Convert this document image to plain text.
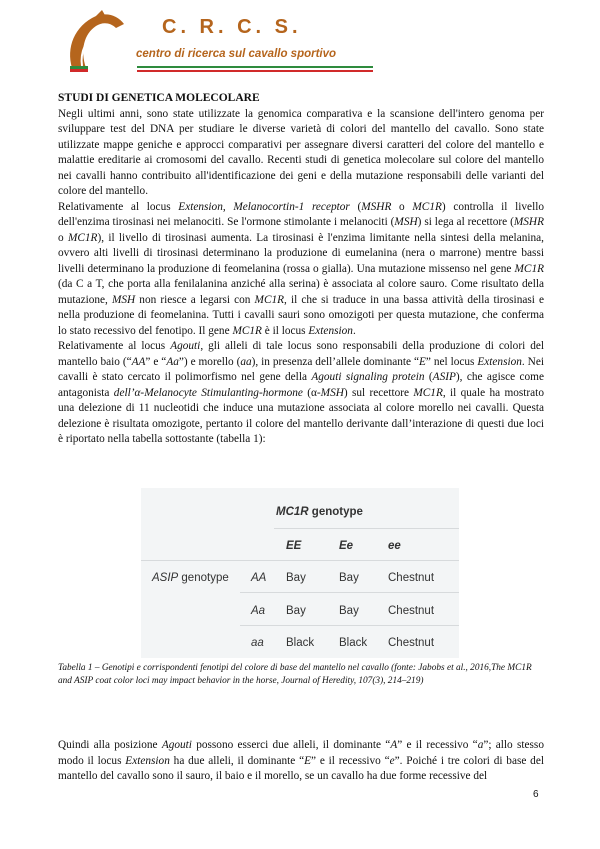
C. R. C. S.
centro di ricerca sul cavallo sportivo

STUDI DI GENETICA MOLECOLARE

Negli ultimi anni, sono state utilizzate la genomica comparativa e la scansione dell'intero genoma per sviluppare test del DNA per studiare le diverse varietà di colori del mantello del cavallo. Sono state utilizzate mappe geniche e approcci comparativi per assegnare diversi caratteri del colore del mantello e malattie ereditarie ai cromosomi del cavallo. Recenti studi di genetica molecolare sul colore del mantello nei cavalli hanno contribuito all'identificazione dei geni e della mutazione responsabili delle varianti del colore del mantello.

Relativamente al locus Extension, Melanocortin-1 receptor (MSHR o MC1R) controlla il livello dell'enzima tirosinasi nei melanociti. Se l'ormone stimolante i melanociti (MSH) si lega al recettore (MSHR o MC1R), il livello di tirosinasi aumenta. La tirosinasi è l'enzima limitante nella sintesi della melanina, ovvero alti livelli di tirosinasi determinano la produzione di eumelanina (nera o marrone) mentre bassi livelli determinano la produzione di feomelanina (rossa o gialla). Una mutazione missenso nel gene MC1R (da C a T, che porta alla fenilalanina anziché alla serina) è associata al colore sauro. Come risultato della mutazione, MSH non riesce a legarsi con MC1R, il che si traduce in una bassa attività della tirosinasi e nella produzione di feomelanina. Tutti i cavalli sauri sono omozigoti per questa mutazione, che conferma lo stato recessivo del fenotipo. Il gene MC1R è il locus Extension.

Relativamente al locus Agouti, gli alleli di tale locus sono responsabili della produzione di colori del mantello baio (“AA” e “Aa”) e morello (aa), in presenza dell’allele dominante “E” nel locus Extension. Nei cavalli è stato cercato il polimorfismo nel gene della Agouti signaling protein (ASIP), che agisce come antagonista dell’α-Melanocyte Stimulanting-hormone (α-MSH) sul recettore MC1R, il quale ha mostrato una delezione di 11 nucleotidi che induce una mutazione associata al colore morello nei cavalli. Questa delezione è risultata omozigote, pertanto il colore del mantello derivante dall’interazione di questi due loci è riportato nella tabella sottostante (tabella 1):

MC1R genotype
EE	Ee	ee
ASIP genotype AA Bay	Bay	Chestnut
Aa Bay	Bay	Chestnut
aa Black Black Chestnut
Tabella 1 – Genotipi e corrispondenti fenotipi del colore di base del mantello nel cavallo (fonte: Jabobs et al., 2016,The MC1R and ASIP coat color loci may impact behavior in the horse, Journal of Heredity, 107(3), 214–219)
Quindi alla posizione Agouti possono esserci due alleli, il dominante “A” e il recessivo “a”; allo stesso modo il locus Extension ha due alleli, il dominante “E” e il recessivo “e”. Poiché i tre colori di base del mantello del cavallo sono il sauro, il baio e il morello, se un cavallo ha due forme recessive del
6
